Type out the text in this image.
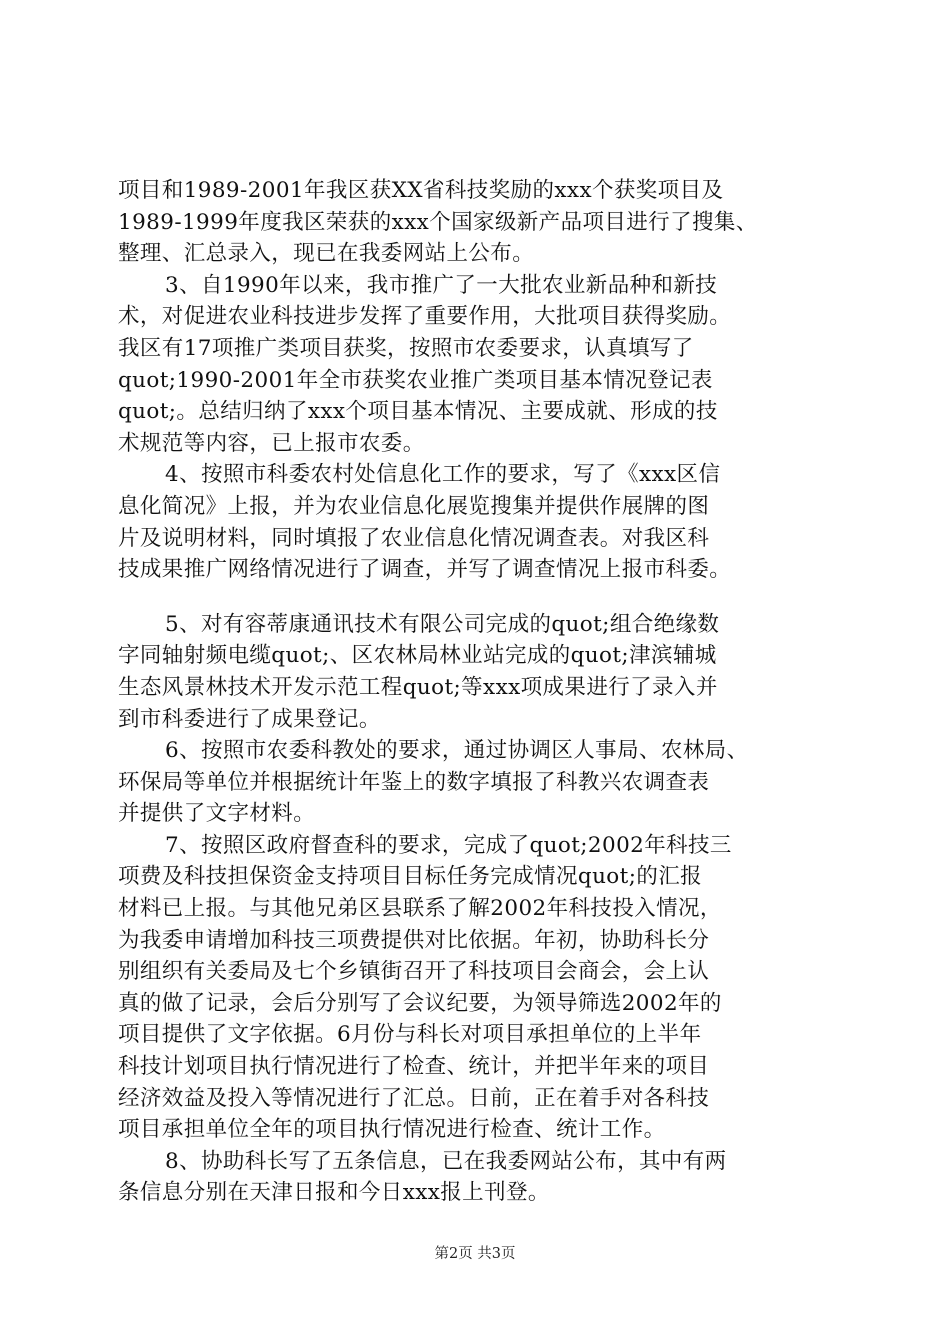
项目和1989-2001年我区获XX省科技奖励的xxx个获奖项目及
1989-1999年度我区荣获的xxx个国家级新产品项目进行了搜集、
整理、汇总录入，现已在我委网站上公布。
3、自1990年以来，我市推广了一大批农业新品种和新技
术，对促进农业科技进步发挥了重要作用，大批项目获得奖励。
我区有17项推广类项目获奖，按照市农委要求，认真填写了
quot;1990-2001年全市获奖农业推广类项目基本情况登记表
quot;。总结归纳了xxx个项目基本情况、主要成就、形成的技
术规范等内容，已上报市农委。
4、按照市科委农村处信息化工作的要求，写了《xxx区信
息化简况》上报，并为农业信息化展览搜集并提供作展牌的图
片及说明材料，同时填报了农业信息化情况调查表。对我区科
技成果推广网络情况进行了调查，并写了调查情况上报市科委。
5、对有容蒂康通讯技术有限公司完成的quot;组合绝缘数
字同轴射频电缆quot;、区农林局林业站完成的quot;津滨辅城
生态风景林技术开发示范工程quot;等xxx项成果进行了录入并
到市科委进行了成果登记。
6、按照市农委科教处的要求，通过协调区人事局、农林局、
环保局等单位并根据统计年鉴上的数字填报了科教兴农调查表
并提供了文字材料。
7、按照区政府督查科的要求，完成了quot;2002年科技三
项费及科技担保资金支持项目目标任务完成情况quot;的汇报
材料已上报。与其他兄弟区县联系了解2002年科技投入情况，
为我委申请增加科技三项费提供对比依据。年初，协助科长分
别组织有关委局及七个乡镇街召开了科技项目会商会，会上认
真的做了记录，会后分别写了会议纪要，为领导筛选2002年的
项目提供了文字依据。6月份与科长对项目承担单位的上半年
科技计划项目执行情况进行了检查、统计，并把半年来的项目
经济效益及投入等情况进行了汇总。日前，正在着手对各科技
项目承担单位全年的项目执行情况进行检查、统计工作。
8、协助科长写了五条信息，已在我委网站公布，其中有两
条信息分别在天津日报和今日xxx报上刊登。
第2页 共3页
